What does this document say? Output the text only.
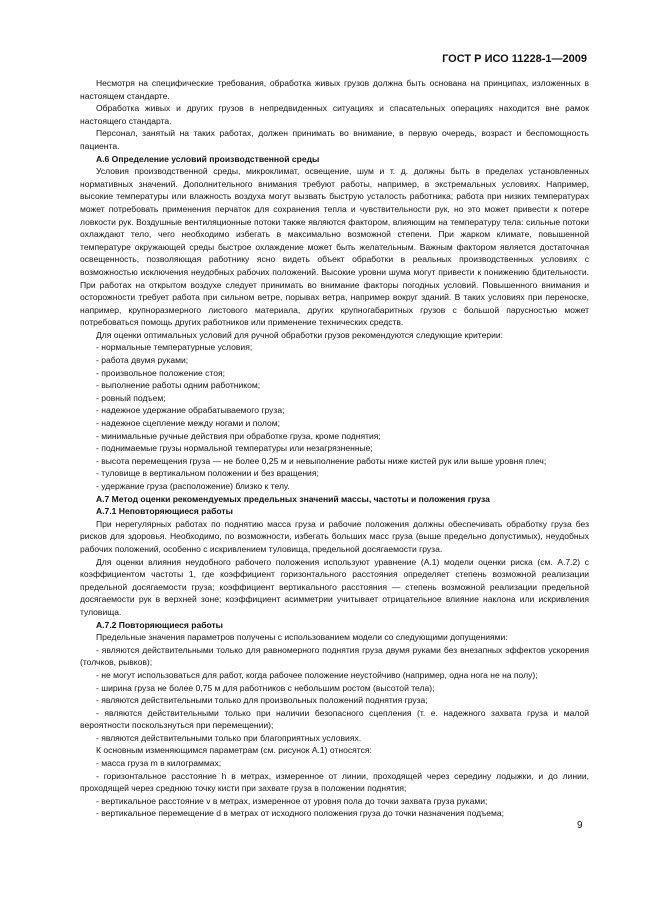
ГОСТ Р ИСО 11228-1—2009

Несмотря на специфические требования, обработка живых грузов должна быть основана на принципах, изложенных в настоящем стандарте.

Обработка живых и других грузов в непредвиденных ситуациях и спасательных операциях находится вне рамок настоящего стандарта.

Персонал, занятый на таких работах, должен принимать во внимание, в первую очередь, возраст и беспомощность пациента.

А.6 Определение условий производственной среды

Условия производственной среды, микроклимат, освещение, шум и т. д. должны быть в пределах установленных нормативных значений. Дополнительного внимания требуют работы, например, в экстремальных условиях. Например, высокие температуры или влажность воздуха могут вызвать быструю усталость работника; работа при низких температурах может потребовать применения перчаток для сохранения тепла и чувствительности рук, но это может привести к потере ловкости рук. Воздушные вентиляционные потоки также являются фактором, влияющим на температуру тела: сильные потоки охлаждают тело, чего необходимо избегать в максимально возможной степени. При жарком климате, повышенной температуре окружающей среды быстрое охлаждение может быть желательным. Важным фактором является достаточная освещенность, позволяющая работнику ясно видеть объект обработки в реальных производственных условиях с возможностью исключения неудобных рабочих положений. Высокие уровни шума могут привести к понижению бдительности. При работах на открытом воздухе следует принимать во внимание факторы погодных условий. Повышенного внимания и осторожности требует работа при сильном ветре, порывах ветра, например вокруг зданий. В таких условиях при переноске, например, крупноразмерного листового материала, других крупногабаритных грузов с большой парусностью может потребоваться помощь других работников или применение технических средств.

Для оценки оптимальных условий для ручной обработки грузов рекомендуются следующие критерии:

- нормальные температурные условия;

- работа двумя руками;

- произвольное положение стоя;

- выполнение работы одним работником;

- ровный подъем;

- надежное удержание обрабатываемого груза;

- надежное сцепление между ногами и полом;

- минимальные ручные действия при обработке груза, кроме поднятия;

- поднимаемые грузы нормальной температуры или незагрязненные;

- высота перемещения груза — не более 0,25 м и невыполнение работы ниже кистей рук или выше уровня плеч;

- туловище в вертикальном положении и без вращения;

- удержание груза (расположение) близко к телу.

А.7 Метод оценки рекомендуемых предельных значений массы, частоты и положения груза

А.7.1 Неповторяющиеся работы

При нерегулярных работах по поднятию масса груза и рабочие положения должны обеспечивать обработку груза без рисков для здоровья. Необходимо, по возможности, избегать больших масс груза (выше предельно допустимых), неудобных рабочих положений, особенно с искривлением туловища, предельной досягаемости груза.

Для оценки влияния неудобного рабочего положения используют уравнение (А.1) модели оценки риска (см. А.7.2) с коэффициентом частоты 1, где коэффициент горизонтального расстояния определяет степень возможной реализации предельной досягаемости груза; коэффициент вертикального расстояния — степень возможной реализации предельной досягаемости рук в верхней зоне; коэффициент асимметрии учитывает отрицательное влияние наклона или искривления туловища.

А.7.2 Повторяющиеся работы

Предельные значения параметров получены с использованием модели со следующими допущениями:

- являются действительными только для равномерного поднятия груза двумя руками без внезапных эффектов ускорения (толчков, рывков);

- не могут использоваться для работ, когда рабочее положение неустойчиво (например, одна нога не на полу);

- ширина груза не более 0,75 м для работников с небольшим ростом (высотой тела);

- являются действительными только для произвольных положений поднятия груза;

- являются действительными только при наличии безопасного сцепления (т. е. надежного захвата груза и малой вероятности поскользнуться при перемещении);

- являются действительными только при благоприятных условиях.

К основным изменяющимся параметрам (см. рисунок А.1) относятся:

- масса груза m в килограммах;

- горизонтальное расстояние h в метрах, измеренное от линии, проходящей через середину лодыжки, и до линии, проходящей через среднюю точку кисти при захвате груза в положении поднятия;

- вертикальное расстояние v в метрах, измеренное от уровня пола до точки захвата груза руками;

- вертикальное перемещение d в метрах от исходного положения груза до точки назначения подъема;

9
